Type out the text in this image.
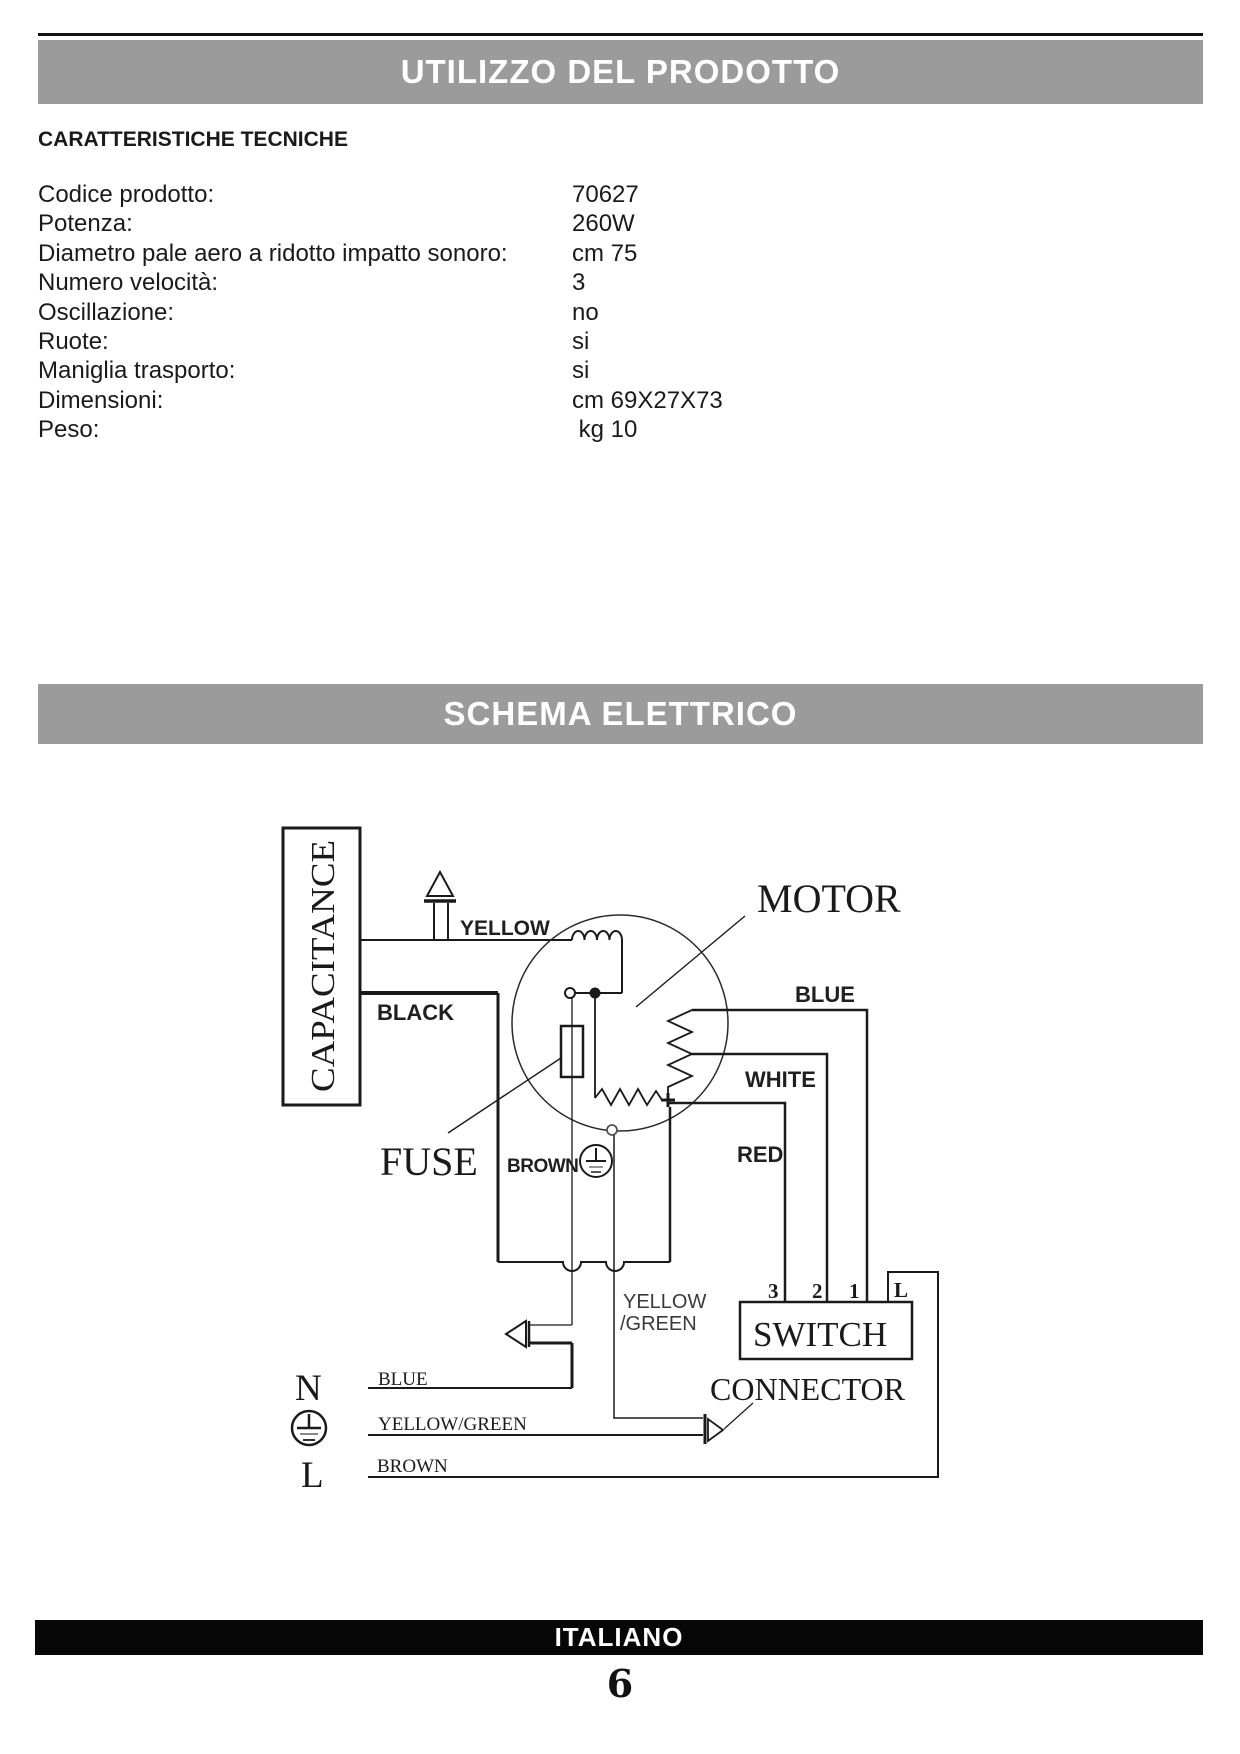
UTILIZZO DEL PRODOTTO
CARATTERISTICHE TECNICHE
Codice prodotto:	70627
Potenza:	260W
Diametro pale aero a ridotto impatto sonoro:	cm 75
Numero velocità:	3
Oscillazione:	no
Ruote:	si
Maniglia trasporto:	si
Dimensioni:	cm 69X27X73
Peso:	kg 10
SCHEMA ELETTRICO
CAPACITANCE	YELLOW
BLACK
MOTOR
BLUE
WHITE
RED
FUSE BROWN
YELLOW
/GREEN
3 2 1 L
SWITCH
CONNECTOR
N
L
BLUE
YELLOW/GREEN
BROWN
ITALIANO
6
